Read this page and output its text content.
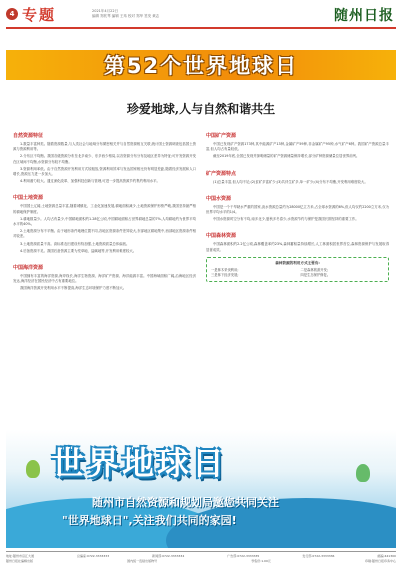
4 专题	2021年4月22日
编辑 郑钦琴 编辑 王玮 校对 郑华 签发 黄志	随州日报
第52个世界地球日
珍爱地球,人与自然和谐共生
自然资源特征

1.数量丰富种类。随着资源数量,与人类社会与地域分布紧密相关并与自然资源相互关联,统计国土资源调查包括国土资源与资源利用等。

2.分布区不均衡。我国各级资源分布呈北多南少、东多西少格局,以各资源分布分布及地区差异为特征;可开发资源开发在区域间不均衡,水资源分布较不均衡。

3.资源利用率低。由于自然资源开发利用方式较粗放,资源利用效率与发达国家相比仍有明显差距,随着经济发展和人口增长,资源压力进一步加大。

4.利用潜力较大。通过深化改革、加强科技创新与管理,可进一步提高资源节约集约利用水平。

中国土地资源

中国国土辽阔,土地资源总量丰富,随着城镇化、工业化加速发展,耕地面积减少,土地资源保护形势严峻,我国坚持最严格的耕地保护制度。

1.耕地数量少。人均占有量少,中国耕地面积约1.28亿公顷,中国耕地面积占世界耕地总量的7%,人均耕地约为世界平均水平的40%。

2.土地资源分布不平衡。由于地形条件地理位置不同,各地区资源条件差异较大,东部地区耕地集中,西部地区资源条件相对较差。

3.土地资源质量不高。高标准农田建设有待加强,土地资源质量总体偏低。

4.后备资源不足。我国后备资源主要为荒草地、盐碱地等,开发利用难度较大。

中国海洋资源

中国拥有丰富的海洋资源,海岸线长,海洋生物资源、海洋矿产资源、海洋能源丰富。中国海域面积广阔,沿海地区经济发达,海洋经济在国民经济中占有重要地位。

我国海洋资源开发利用水平不断提高,海洋生态环境保护力度不断加大。

中国矿产资源

中国已发现矿产资源173种,其中能源矿产13种,金属矿产59种,非金属矿产95种,水气矿产6种。我国矿产资源总量丰富,但人均占有量较低。

截至2019年底,全国已发现并探明储量的矿产资源储量保持增长,部分矿种资源储量位居世界前列。

矿产资源特点

(1)总量丰富,但人均不足;(2)贫矿多富矿少;(3)共伴生矿多,单一矿少;(4)分布不均衡,开发利用难度较大。

中国水资源

中国是一个干旱缺水严重的国家,淡水资源总量约为28000亿立方米,占全球水资源的6%,但人均仅约2200立方米,仅为世界平均水平的1/4。

中国水资源时空分布不均,南多北少,夏秋多冬春少,水资源节约与保护是我国长期坚持的重要工作。

中国森林资源

中国森林面积约2.2亿公顷,森林覆盖率约23%,森林蓄积量持续增长,人工林面积居世界首位,森林资源保护与发展取得显著成效。

森林资源的利用方式主要有:
一是林木采伐利用;	二是森林旅游开发;
三是林下经济发展;	四是生态保护修复。
世界地球日
随州市自然资源和规划局邀您共同关注
"世界地球日",关注我们共同的家园!
地址:随州市沿江大道	总编室:0722-3333333	新闻部:0722-3333334	广告部:0722-3333335	发行部:0722-3333336	邮编:441300
随州日报社编辑出版	国内统一连续出版物号	零售价:1.00元	印刷:随州日报印务中心
